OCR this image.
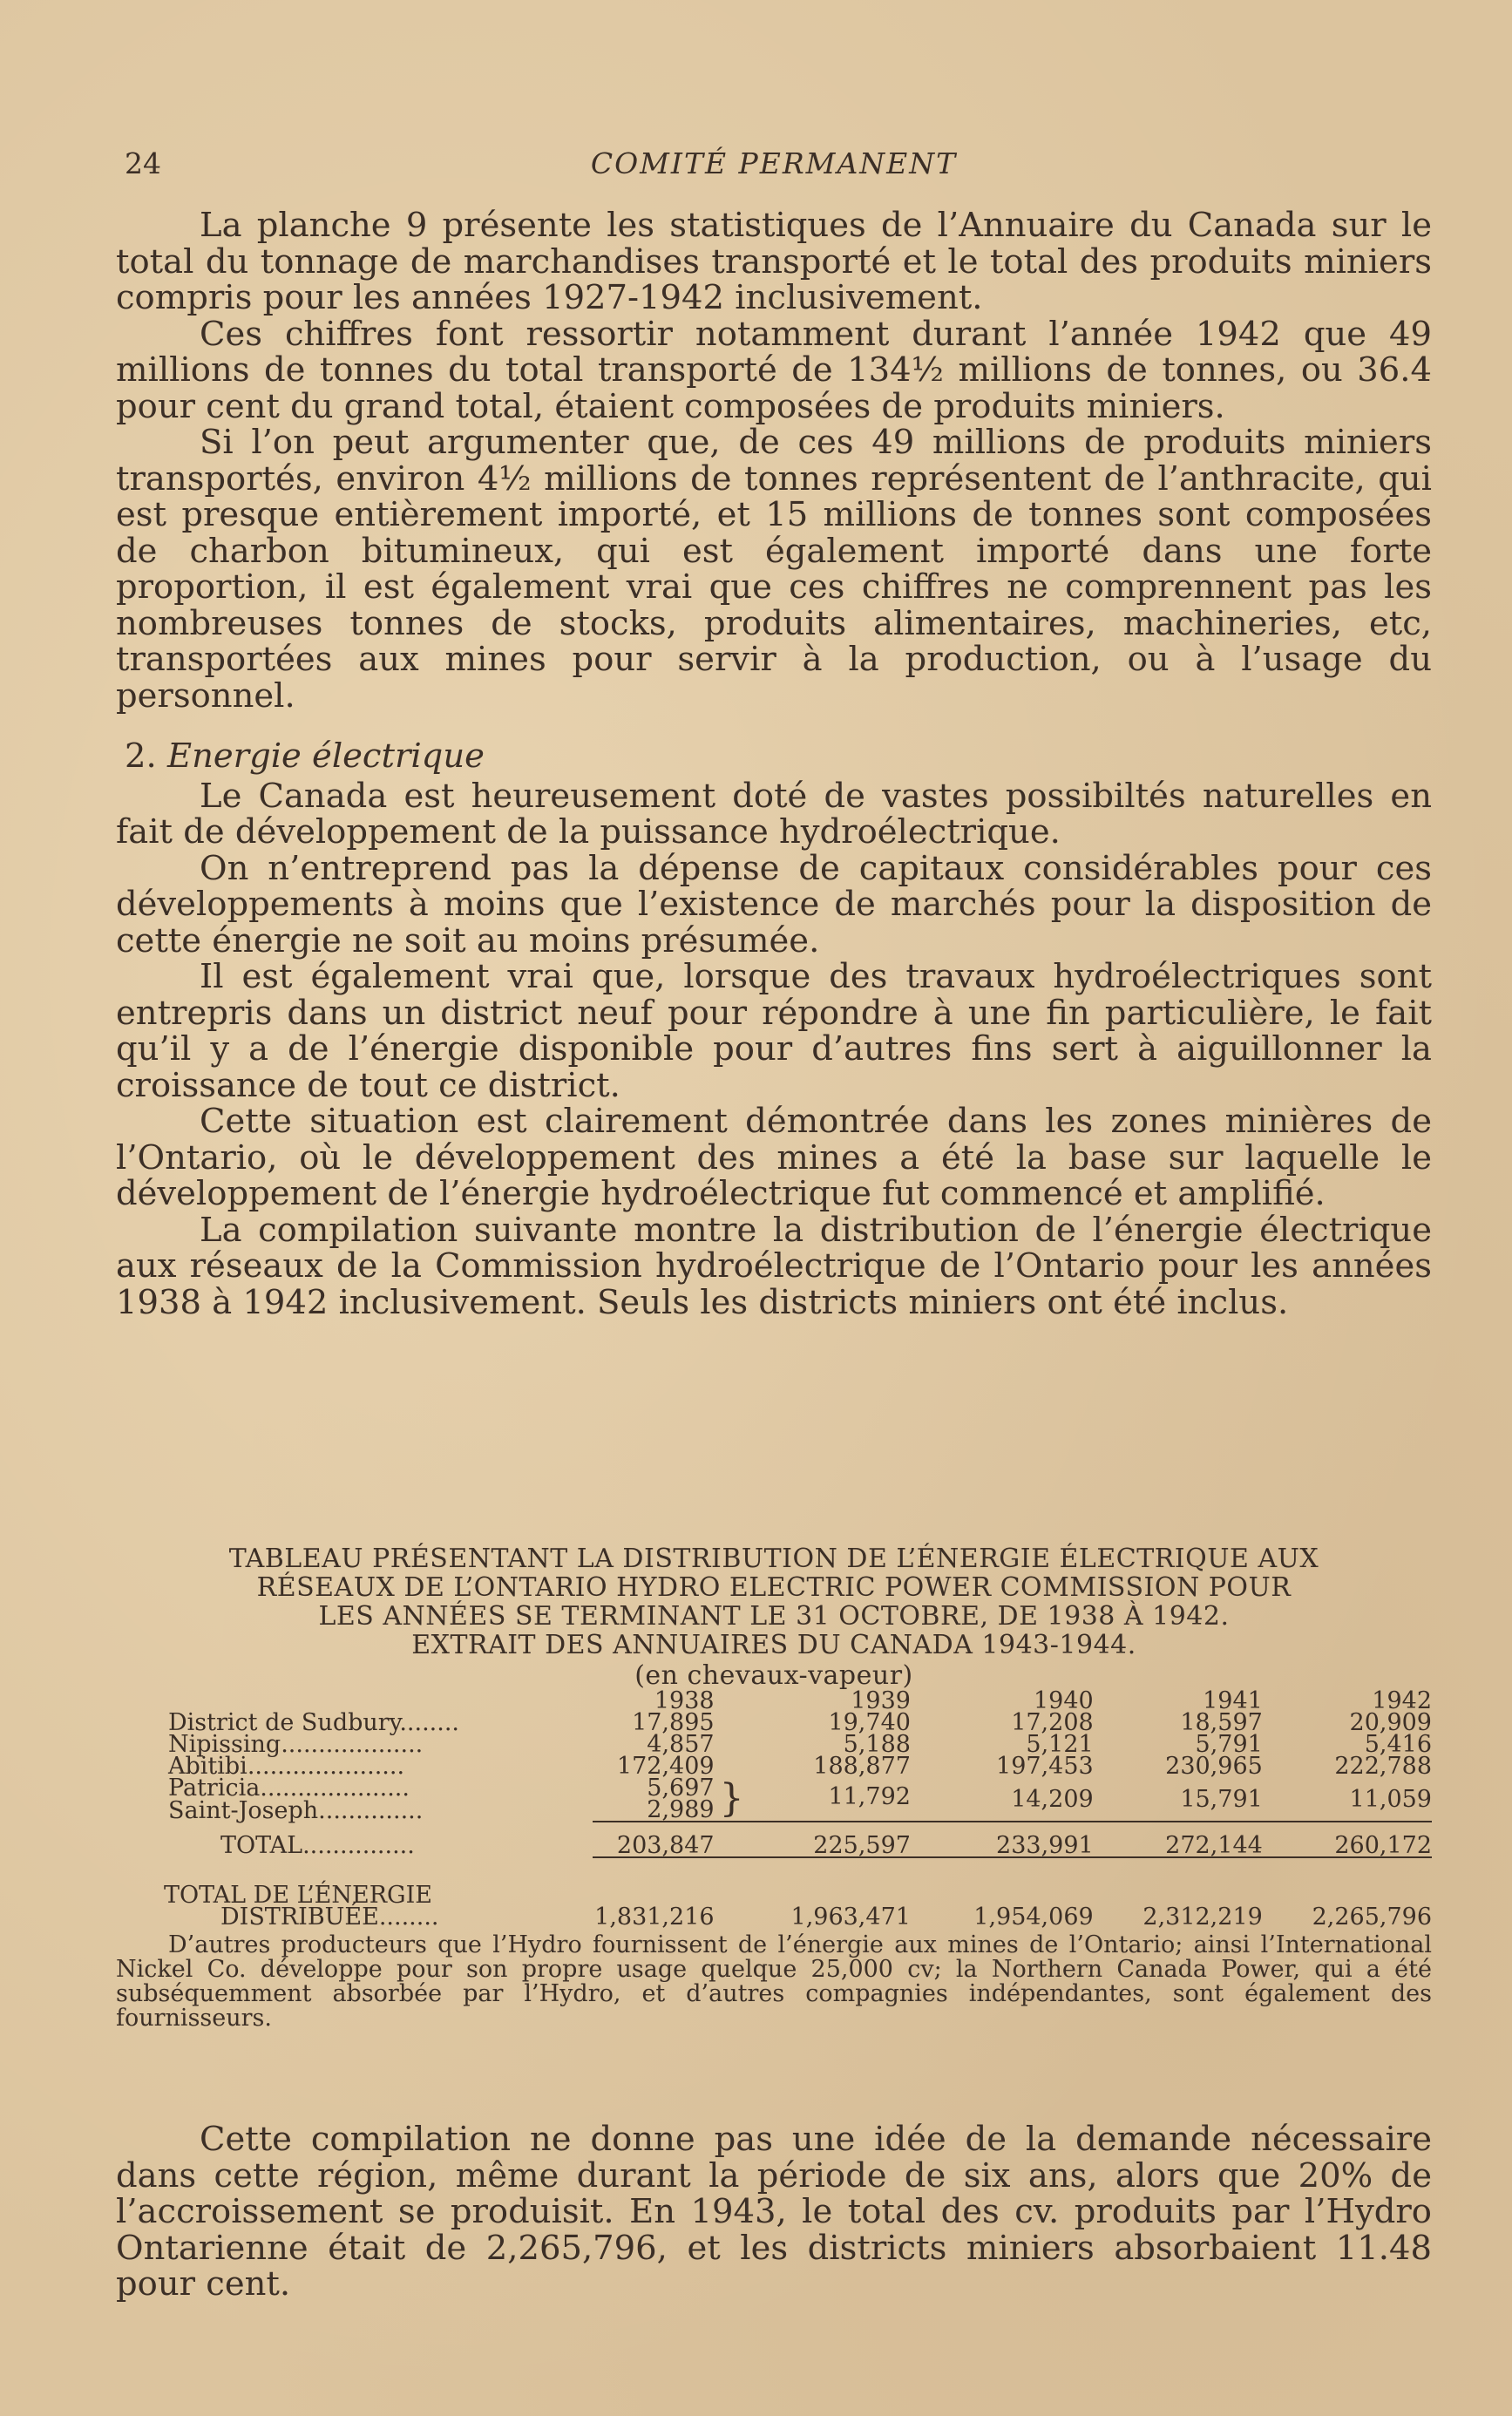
24	COMITÉ PERMANENT

La planche 9 présente les statistiques de l’Annuaire du Canada sur le total du tonnage de marchandises transporté et le total des produits miniers compris pour les années 1927-1942 inclusivement.

Ces chiffres font ressortir notamment durant l’année 1942 que 49 millions de tonnes du total transporté de 134½ millions de tonnes, ou 36.4 pour cent du grand total, étaient composées de produits miniers.

Si l’on peut argumenter que, de ces 49 millions de produits miniers transportés, environ 4½ millions de tonnes représentent de l’anthracite, qui est presque entièrement importé, et 15 millions de tonnes sont composées de charbon bitumineux, qui est également importé dans une forte proportion, il est également vrai que ces chiffres ne comprennent pas les nombreuses tonnes de stocks, produits alimentaires, machineries, etc, transportées aux mines pour servir à la production, ou à l’usage du personnel.

2. Energie électrique

Le Canada est heureusement doté de vastes possibiltés naturelles en fait de développement de la puissance hydroélectrique.

On n’entreprend pas la dépense de capitaux considérables pour ces développements à moins que l’existence de marchés pour la disposition de cette énergie ne soit au moins présumée.

Il est également vrai que, lorsque des travaux hydroélectriques sont entrepris dans un district neuf pour répondre à une fin particulière, le fait qu’il y a de l’énergie disponible pour d’autres fins sert à aiguillonner la croissance de tout ce district.

Cette situation est clairement démontrée dans les zones minières de l’Ontario, où le développement des mines a été la base sur laquelle le développement de l’énergie hydroélectrique fut commencé et amplifié.

La compilation suivante montre la distribution de l’énergie électrique aux réseaux de la Commission hydroélectrique de l’Ontario pour les années 1938 à 1942 inclusivement. Seuls les districts miniers ont été inclus.

TABLEAU PRÉSENTANT LA DISTRIBUTION DE L’ÉNERGIE ÉLECTRIQUE AUX
RÉSEAUX DE L’ONTARIO HYDRO ELECTRIC POWER COMMISSION POUR
LES ANNÉES SE TERMINANT LE 31 OCTOBRE, DE 1938 À 1942.
EXTRAIT DES ANNUAIRES DU CANADA 1943-1944.
(en chevaux-vapeur)
	1938	1939	1940	1941	1942
District de Sudbury........	17,895	19,740	17,208	18,597	20,909
Nipissing...................	4,857	5,188	5,121	5,791	5,416
Abitibi.....................	172,409	188,877	197,453	230,965	222,788
Patricia....................	5,697	} 11,792	14,209	15,791	11,059
Saint-Joseph..............	2,989				
TOTAL...............	203,847	225,597	233,991	272,144	260,172

TOTAL DE L’ÉNERGIE					
DISTRIBUÉE........	1,831,216	1,963,471	1,954,069	2,312,219	2,265,796

D’autres producteurs que l’Hydro fournissent de l’énergie aux mines de l’Ontario; ainsi l’International Nickel Co. développe pour son propre usage quelque 25,000 cv; la Northern Canada Power, qui a été subséquemment absorbée par l’Hydro, et d’autres compagnies indépendantes, sont également des fournisseurs.

Cette compilation ne donne pas une idée de la demande nécessaire dans cette région, même durant la période de six ans, alors que 20% de l’accroissement se produisit. En 1943, le total des cv. produits par l’Hydro Ontarienne était de 2,265,796, et les districts miniers absorbaient 11.48 pour cent.
